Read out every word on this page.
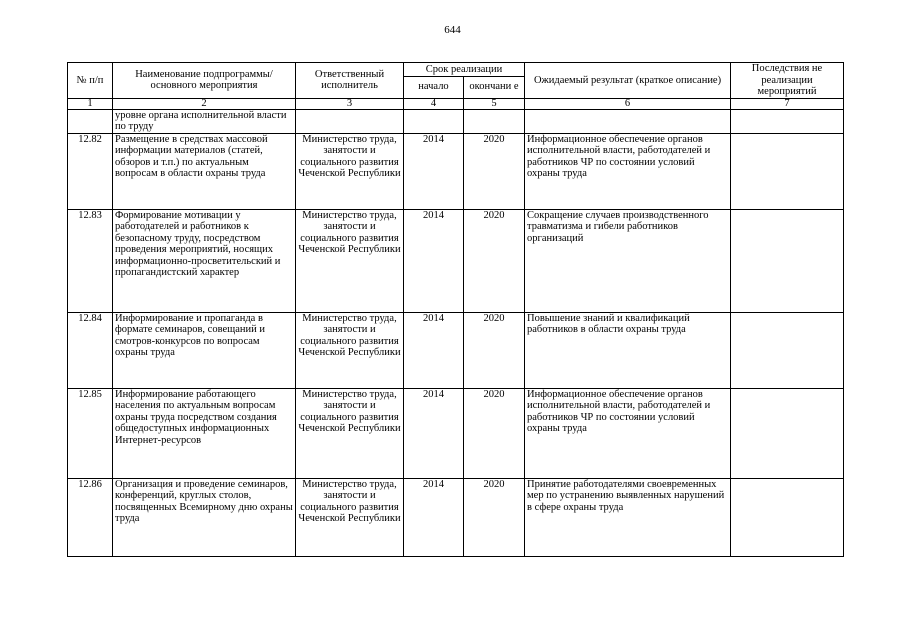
644
№ п/п	Наименование подпрограммы/ основного мероприятия	Ответственный исполнитель	Срок реализации		Ожидаемый результат (краткое описание)	Последствия не реализации мероприятий
			начало	окончани е		
1	2	3	4	5	6	7
	уровне органа исполнительной власти по труду					
12.82	Размещение в средствах массовой информации материалов (статей, обзоров и т.п.) по актуальным вопросам в области охраны труда	Министерство труда, занятости и социального развития Чеченской Республики	2014	2020	Информационное обеспечение органов исполнительной власти, работодателей и работников ЧР по состоянии условий охраны труда	
12.83	Формирование мотивации у работодателей и работников к безопасному труду, посредством проведения мероприятий, носящих информационно-просветительский и пропагандистский характер	Министерство труда, занятости и социального развития Чеченской Республики	2014	2020	Сокращение случаев производственного травматизма и гибели работников организаций	
12.84	Информирование и пропаганда в формате семинаров, совещаний и смотров-конкурсов по вопросам охраны труда	Министерство труда, занятости и социального развития Чеченской Республики	2014	2020	Повышение знаний и квалификаций работников в области охраны труда	
12.85	Информирование работающего населения по актуальным вопросам охраны труда посредством создания общедоступных информационных Интернет-ресурсов	Министерство труда, занятости и социального развития Чеченской Республики	2014	2020	Информационное обеспечение органов исполнительной власти, работодателей и работников ЧР по состоянии условий охраны труда	
12.86	Организация и проведение семинаров, конференций, круглых столов, посвященных Всемирному дню охраны труда	Министерство труда, занятости и социального развития Чеченской Республики	2014	2020	Принятие работодателями своевременных мер по устранению выявленных нарушений в сфере охраны труда	
